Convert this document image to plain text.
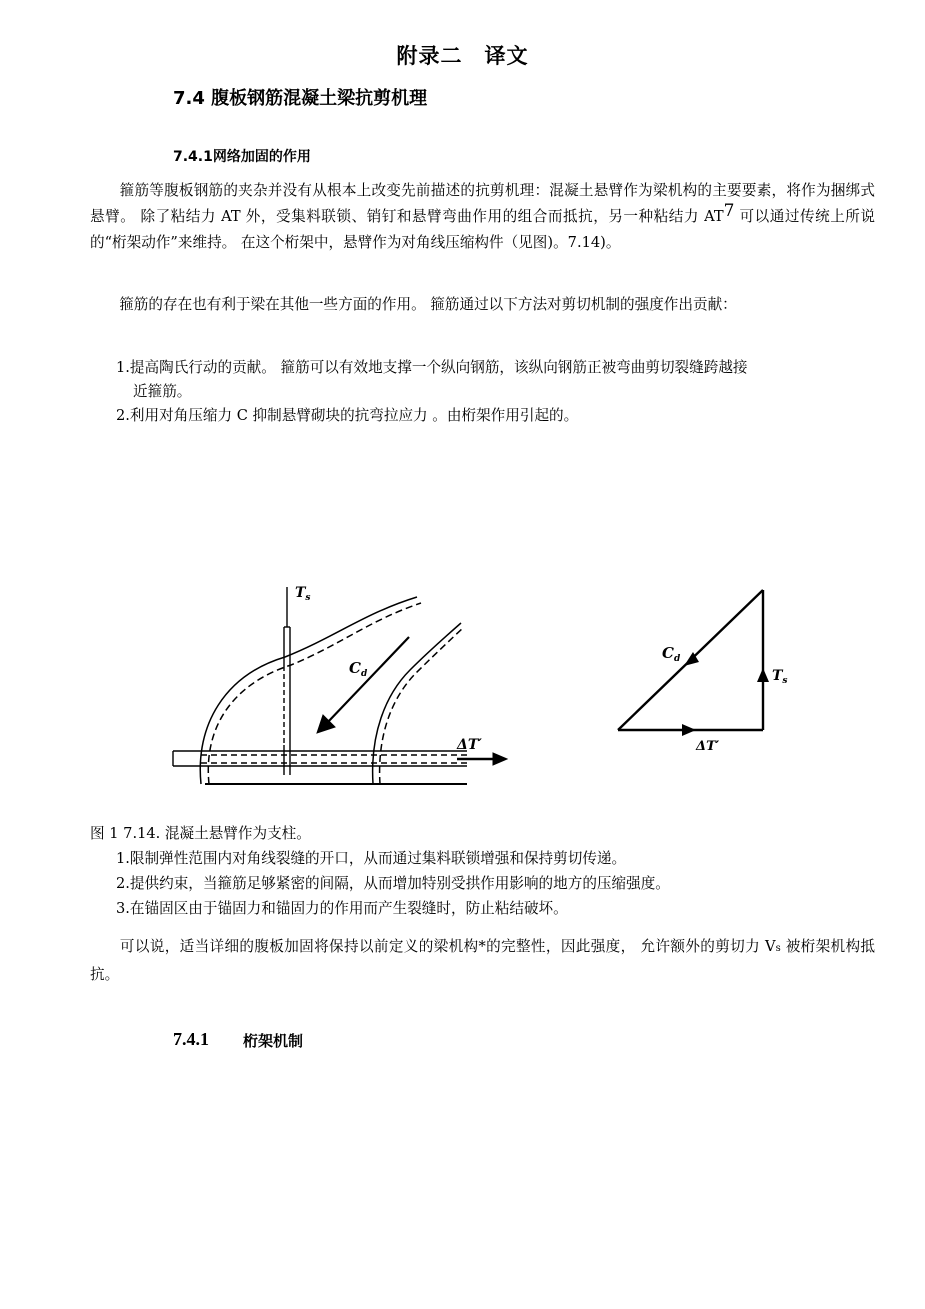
附录二　译文
7.4 腹板钢筋混凝土梁抗剪机理
7.4.1网络加固的作用
　　箍筋等腹板钢筋的夹杂并没有从根本上改变先前描述的抗剪机理：混凝土悬臂作为梁机构的主要要素，将作为捆绑式悬臂。 除了粘结力 AT 外，受集料联锁、销钉和悬臂弯曲作用的组合而抵抗，另一种粘结力 AT7 可以通过传统上所说的“桁架动作”来维持。 在这个桁架中，悬臂作为对角线压缩构件（见图)。7.14)。
　　箍筋的存在也有利于梁在其他一些方面的作用。 箍筋通过以下方法对剪切机制的强度作出贡献：
1.提高陶氏行动的贡献。 箍筋可以有效地支撑一个纵向钢筋，该纵向钢筋正被弯曲剪切裂缝跨越接
近箍筋。
2.利用对角压缩力 C 抑制悬臂砌块的抗弯拉应力 。由桁架作用引起的。
$T_s$
$C_d$
ΔT′
$C_d$
$T_s$
ΔT′
图 1 7.14. 混凝土悬臂作为支柱。
1.限制弹性范围内对角线裂缝的开口，从而通过集料联锁增强和保持剪切传递。
2.提供约束，当箍筋足够紧密的间隔，从而增加特别受拱作用影响的地方的压缩强度。
3.在锚固区由于锚固力和锚固力的作用而产生裂缝时，防止粘结破坏。
　　可以说，适当详细的腹板加固将保持以前定义的梁机构*的完整性，因此强度， 允许额外的剪切力 Vs 被桁架机构抵抗。
7.4.1 桁架机制
